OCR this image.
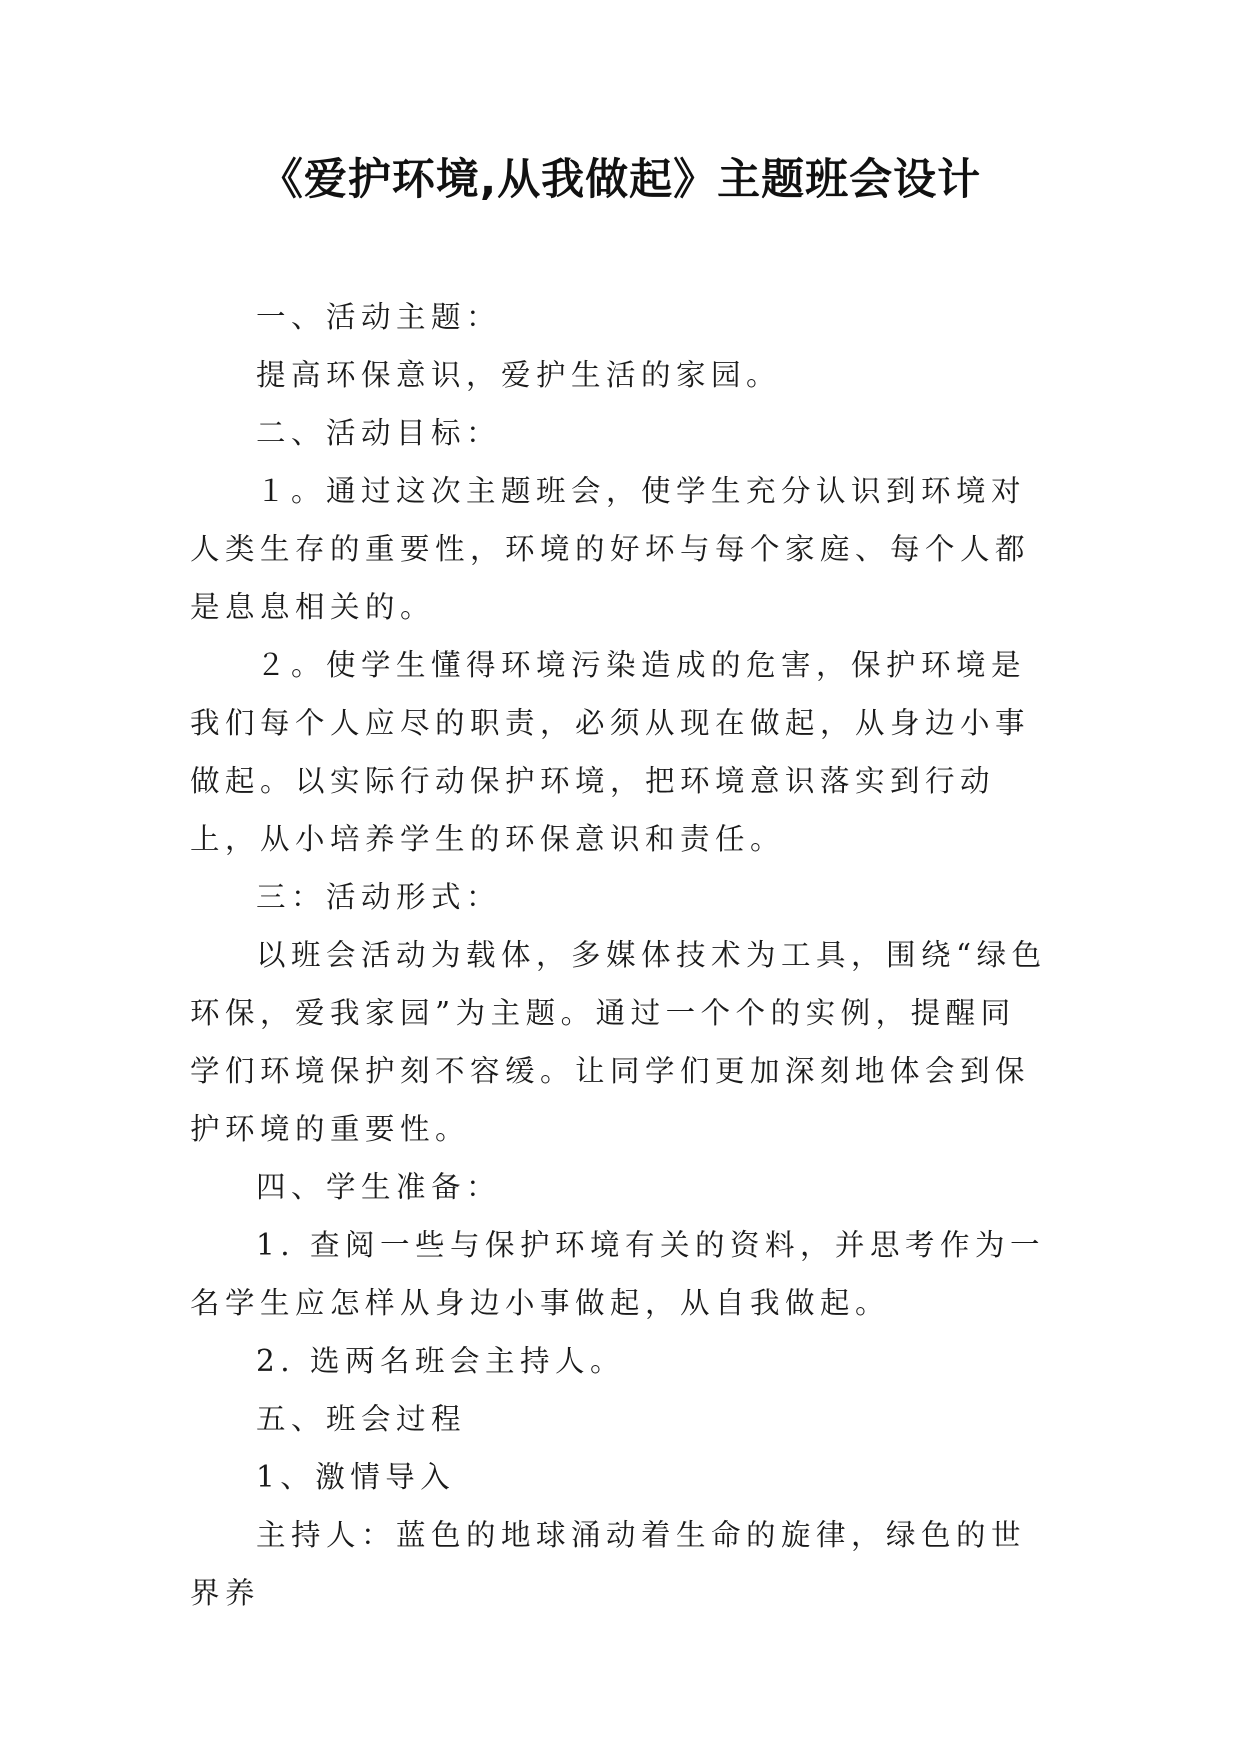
《爱护环境,从我做起》主题班会设计

一、活动主题：

提高环保意识，爱护生活的家园。

二、活动目标：

１。通过这次主题班会，使学生充分认识到环境对人类生存的重要性，环境的好坏与每个家庭、每个人都是息息相关的。

２。使学生懂得环境污染造成的危害，保护环境是我们每个人应尽的职责，必须从现在做起，从身边小事做起。以实际行动保护环境，把环境意识落实到行动上，从小培养学生的环保意识和责任。

三：活动形式：

以班会活动为载体，多媒体技术为工具，围绕“绿色环保，爱我家园”为主题。通过一个个的实例，提醒同学们环境保护刻不容缓。让同学们更加深刻地体会到保护环境的重要性。

四、学生准备：

1. 查阅一些与保护环境有关的资料，并思考作为一名学生应怎样从身边小事做起，从自我做起。

2. 选两名班会主持人。

五、班会过程

1、激情导入

主持人：蓝色的地球涌动着生命的旋律，绿色的世界养
